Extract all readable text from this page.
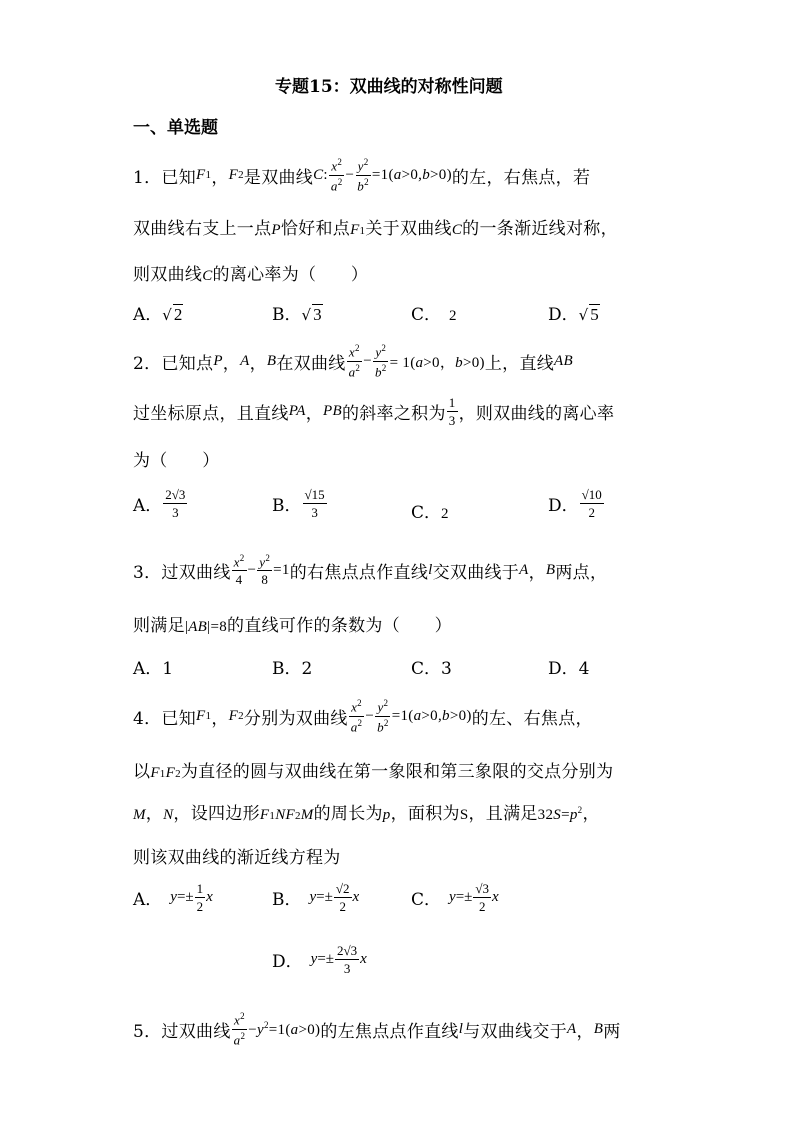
专题15：双曲线的对称性问题
一、单选题
1．已知 F 1 ， F 2 是双曲线 C : $\frac{x^2}{a^2} - \frac{y^2}{b^2} =1(a>0,b>0)$ 的左，右焦点，若
双曲线右支上一点P恰好和点F1关于双曲线C的一条渐近线对称，
则双曲线C的离心率为（　　）
A．√ 2	B．√ 3	C． 2	D．√ 5
2．已知点 P ， A ， B 在双曲线 $\frac{x^2}{a^2} - \frac{y^2}{b^2} = 1(a>0$，b>0) 上，直线 AB
过坐标原点，且直线 PA ， PB 的斜率之积为 $\frac{1}{3}$ ，则双曲线的离心率
为（　　）
A． $\frac{2√3}{3}$	B． $\frac{√15}{3}$	C．2	D． $\frac{√10}{2}$
3．过双曲线 $\frac{x^2}{4} - \frac{y^2}{8} =1$ 的右焦点点作直线 l 交双曲线于 A ， B 两点，
则满足|AB|=8的直线可作的条数为（　　）
A．1	B．2	C．3	D．4
4．已知 F 1 ， F 2 分别为双曲线 $\frac{x^2}{a^2} - \frac{y^2}{b^2} =1(a>0,b>0)$ 的左、右焦点，
以F1F2为直径的圆与双曲线在第一象限和第三象限的交点分别为
M，N，设四边形F1NF2M的周长为p，面积为S，且满足$32S=p^2$，
则该双曲线的渐近线方程为
A． $y =\pm \frac{1}{2}$ x	B． $y =\pm \frac{√2}{2}$ x	C． $y =\pm \frac{√3}{2}$ x
D． $y =\pm \frac{2√3}{3}$ x
5．过双曲线 $\frac{x^2}{a^2} -y^2=1(a>0)$ 的左焦点点作直线 l 与双曲线交于 A ， B 两
